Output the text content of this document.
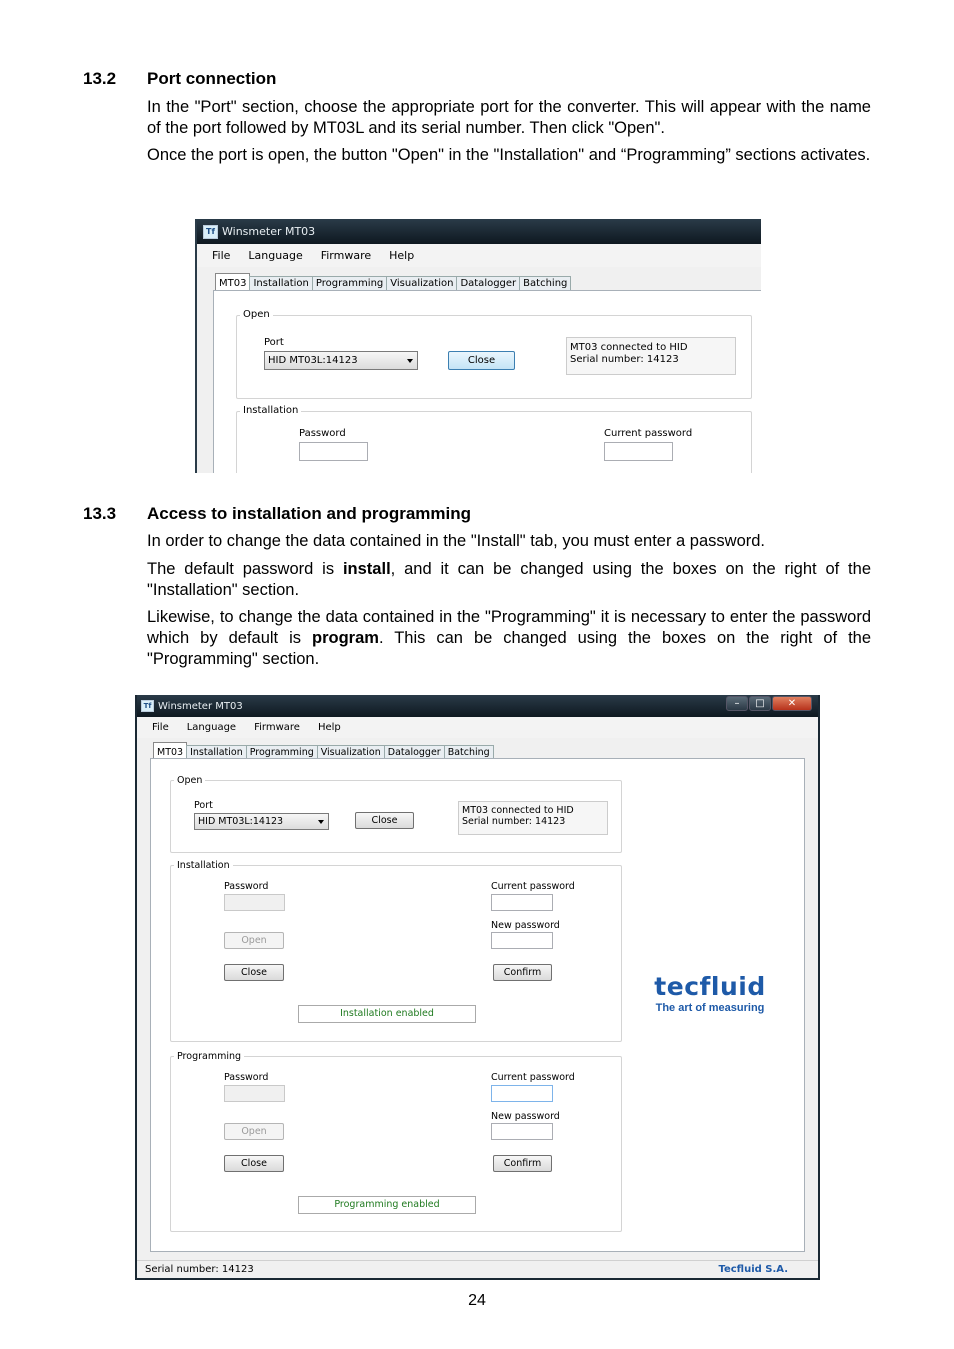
13.2 Port connection

In the "Port" section, choose the appropriate port for the converter. This will appear with the name of the port followed by MT03L and its serial number. Then click "Open".

Once the port is open, the button "Open" in the "Installation" and “Programming” sections activates.

Tf Winsmeter MT03
File	Language	Firmware	Help
MT03 Installation Programming Visualization Datalogger Batching
Open
Port
HID MT03L:14123	Close
MT03 connected to HID
Serial number: 14123
Installation
Password	Current password
13.3 Access to installation and programming

In order to change the data contained in the "Install" tab, you must enter a password.

The default password is install, and it can be changed using the boxes on the right of the "Installation" section.

Likewise, to change the data contained in the "Programming" it is necessary to enter the password which by default is program. This can be changed using the boxes on the right of the "Programming" section.

Tf Winsmeter MT03	–	□	✕
File	Language	Firmware	Help
MT03 Installation Programming Visualization Datalogger Batching
Open
Port
HID MT03L:14123	Close
MT03 connected to HID
Serial number: 14123
Installation
Password
Open
Close
Current password
New password
Confirm
Installation enabled
Programming
Password
Open
Close
Current password
New password
Confirm
Programming enabled
tecfluid
The art of measuring
Serial number: 14123	Tecfluid S.A.
24
